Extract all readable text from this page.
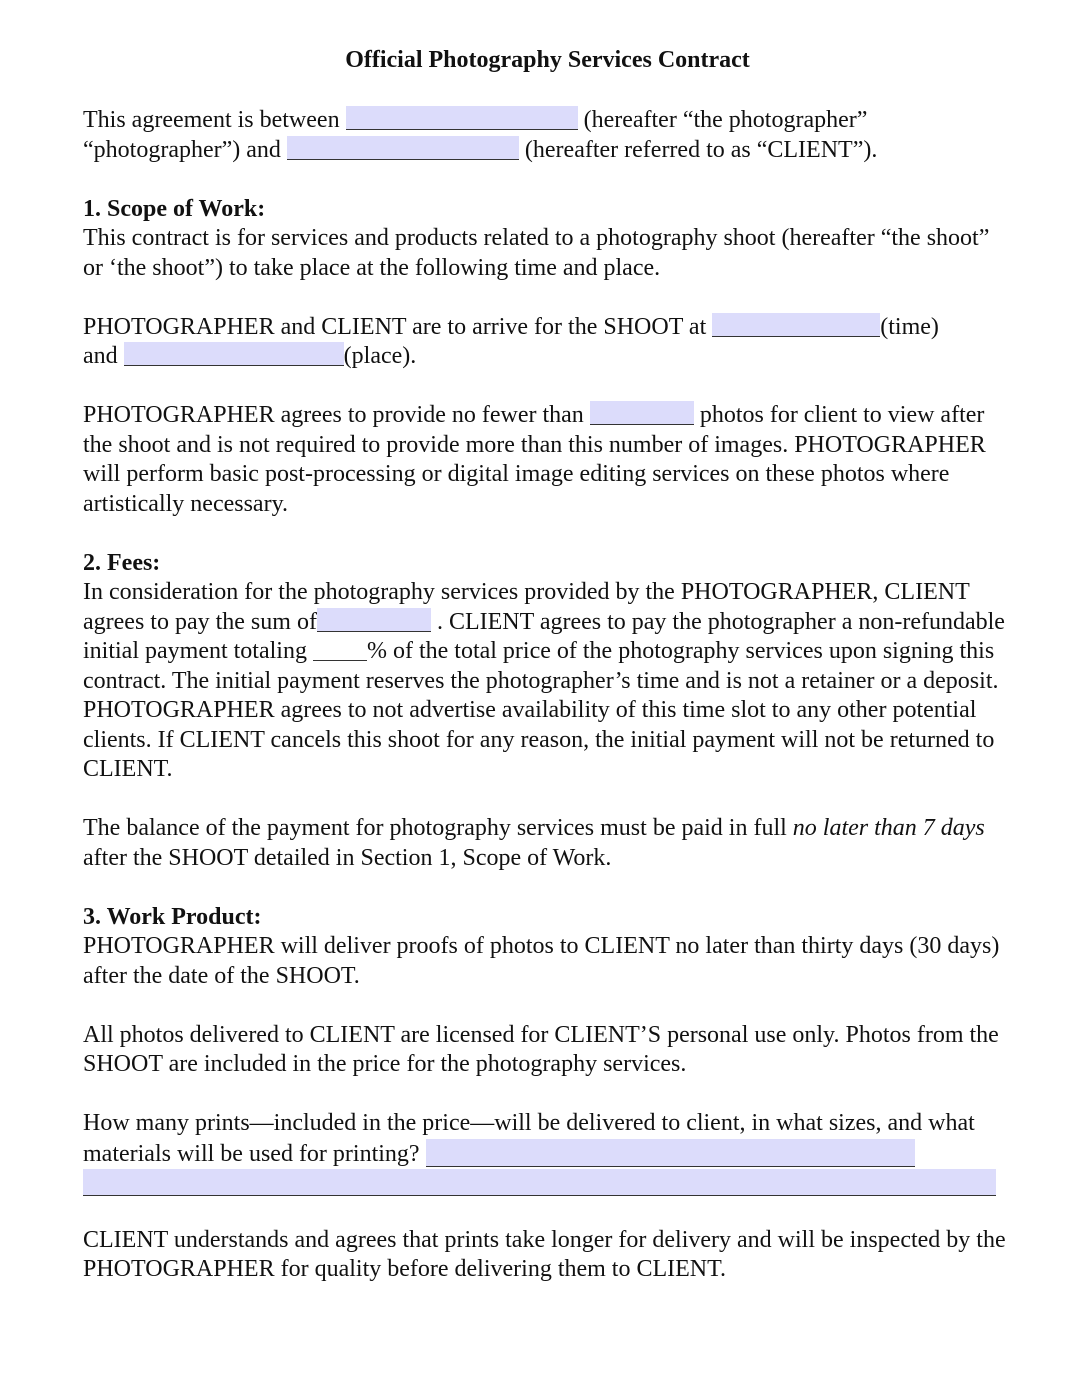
Official Photography Services Contract

This agreement is between	(hereafter “the photographer”
“photographer”) and	(hereafter referred to as “CLIENT”).

1. Scope of Work:

This contract is for services and products related to a photography shoot (hereafter “the shoot” or ‘the shoot”) to take place at the following time and place.

PHOTOGRAPHER and CLIENT are to arrive for the SHOOT at	(time)
and	(place).

PHOTOGRAPHER agrees to provide no fewer than	photos for client to view after the shoot and is not required to provide more than this number of images. PHOTOGRAPHER will perform basic post-processing or digital image editing services on these photos where artistically necessary.

2. Fees:

In consideration for the photography services provided by the PHOTOGRAPHER, CLIENT agrees to pay the sum of	. CLIENT agrees to pay the photographer a non-refundable initial payment totaling % of the total price of the photography services upon signing this contract. The initial payment reserves the photographer’s time and is not a retainer or a deposit. PHOTOGRAPHER agrees to not advertise availability of this time slot to any other potential clients. If CLIENT cancels this shoot for any reason, the initial payment will not be returned to CLIENT.

The balance of the payment for photography services must be paid in full no later than 7 days after the SHOOT detailed in Section 1, Scope of Work.

3. Work Product:

PHOTOGRAPHER will deliver proofs of photos to CLIENT no later than thirty days (30 days) after the date of the SHOOT.

All photos delivered to CLIENT are licensed for CLIENT’S personal use only. Photos from the SHOOT are included in the price for the photography services.

How many prints—included in the price—will be delivered to client, in what sizes, and what materials will be used for printing?

CLIENT understands and agrees that prints take longer for delivery and will be inspected by the PHOTOGRAPHER for quality before delivering them to CLIENT.
